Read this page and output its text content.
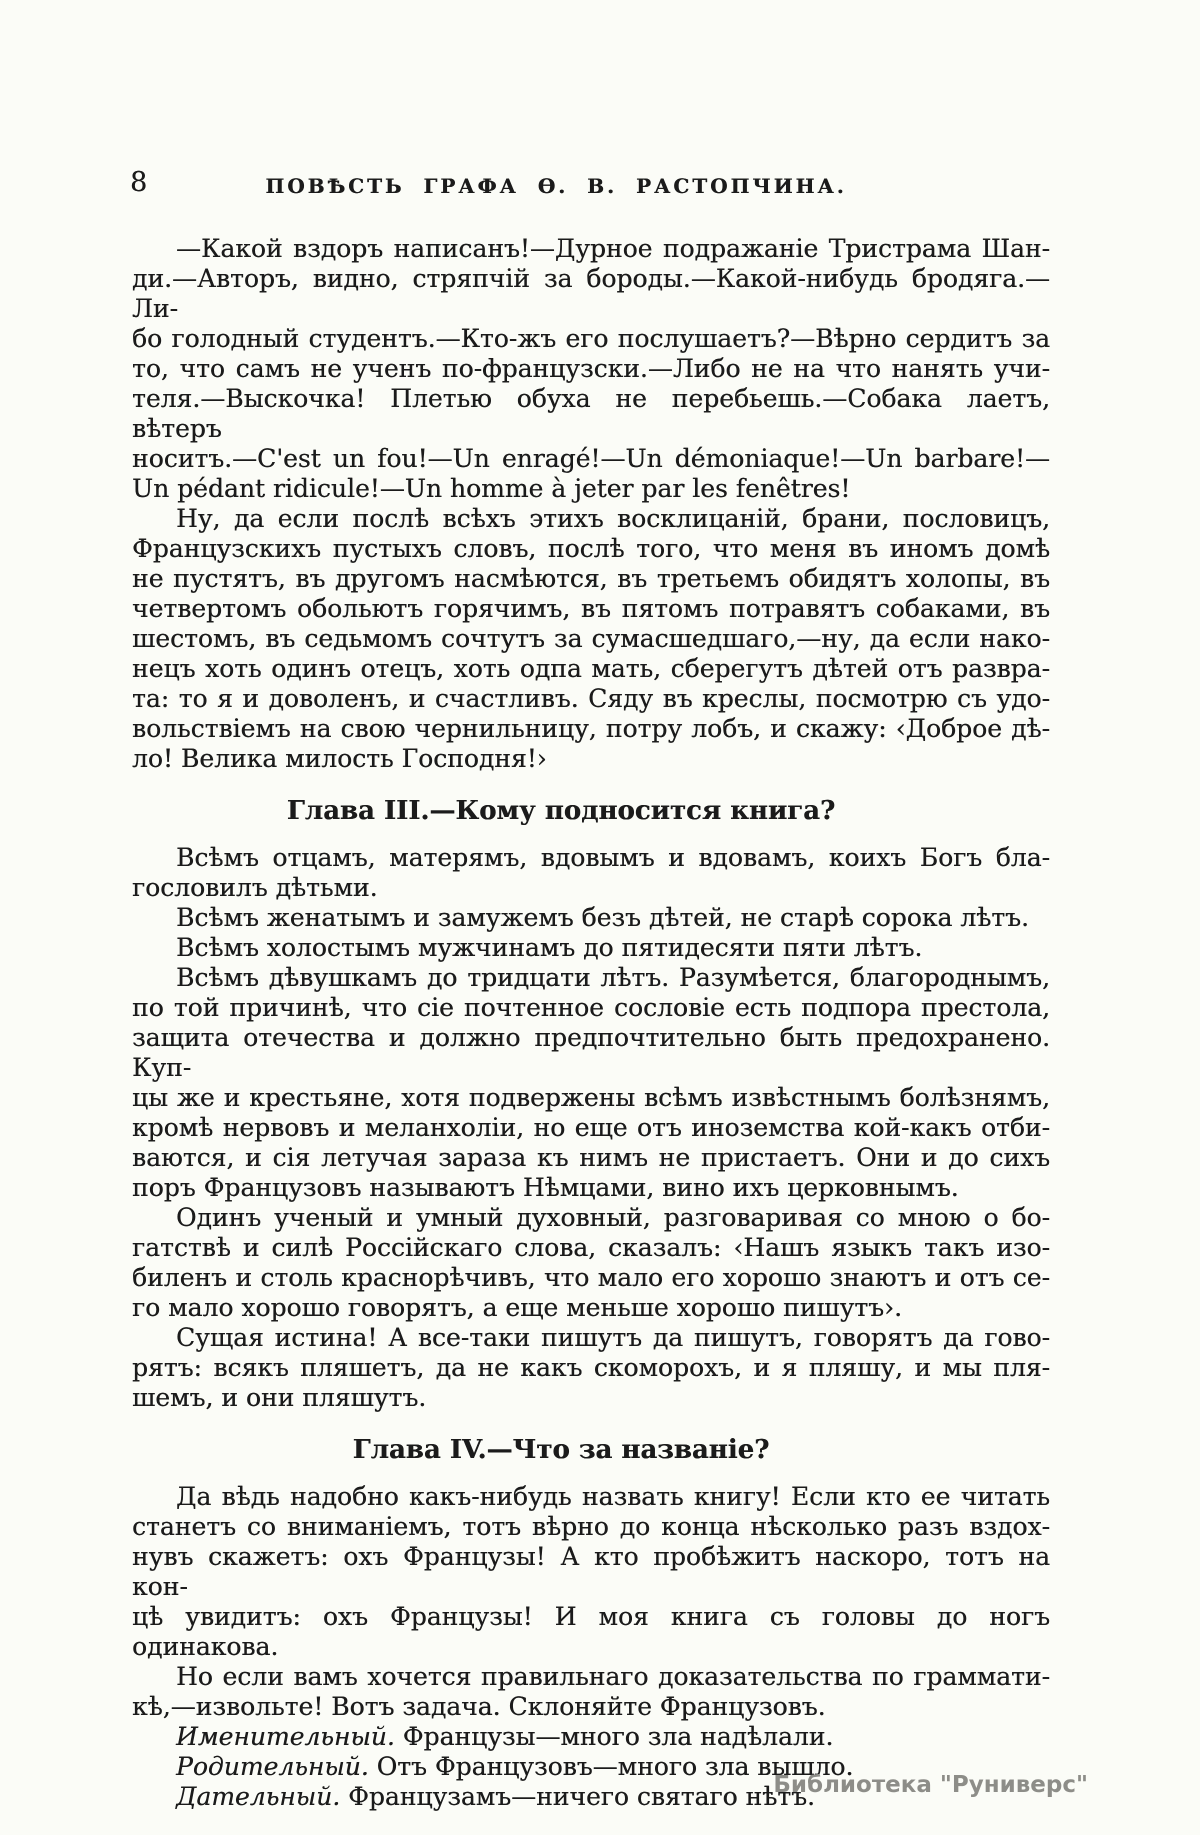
8	ПОВѢСТЬ ГРАФА Ѳ. В. РАСТОПЧИНА.
—Какой вздоръ написанъ!—Дурное подражаніе Тристрама Шан-
ди.—Авторъ, видно, стряпчій за бороды.—Какой-нибудь бродяга.—Ли-
бо голодный студентъ.—Кто-жъ его послушаетъ?—Вѣрно сердитъ за
то, что самъ не ученъ по-французски.—Либо не на что нанять учи-
теля.—Выскочка! Плетью обуха не перебьешь.—Собака лаетъ, вѣтеръ
носитъ.—C'est un fou!—Un enragé!—Un démoniaque!—Un barbare!—
Un pédant ridicule!—Un homme à jeter par les fenêtres!
Ну, да если послѣ всѣхъ этихъ восклицаній, брани, пословицъ,
Французскихъ пустыхъ словъ, послѣ того, что меня въ иномъ домѣ
не пустятъ, въ другомъ насмѣются, въ третьемъ обидятъ холопы, въ
четвертомъ обольютъ горячимъ, въ пятомъ потравятъ собаками, въ
шестомъ, въ седьмомъ сочтутъ за сумасшедшаго,—ну, да если нако-
нецъ хоть одинъ отецъ, хоть одпа мать, сберегутъ дѣтей отъ развра-
та: то я и доволенъ, и счастливъ. Сяду въ креслы, посмотрю съ удо-
вольствіемъ на свою чернильницу, потру лобъ, и скажу: ‹Доброе дѣ-
ло! Велика милость Господня!›
Глава III.—Кому подносится книга?
Всѣмъ отцамъ, матерямъ, вдовымъ и вдовамъ, коихъ Богъ бла-
гословилъ дѣтьми.
Всѣмъ женатымъ и замужемъ безъ дѣтей, не старѣ сорока лѣтъ.
Всѣмъ холостымъ мужчинамъ до пятидесяти пяти лѣтъ.
Всѣмъ дѣвушкамъ до тридцати лѣтъ. Разумѣется, благороднымъ,
по той причинѣ, что сіе почтенное сословіе есть подпора престола,
защита отечества и должно предпочтительно быть предохранено. Куп-
цы же и крестьяне, хотя подвержены всѣмъ извѣстнымъ болѣзнямъ,
кромѣ нервовъ и меланхоліи, но еще отъ иноземства кой-какъ отби-
ваются, и сія летучая зараза къ нимъ не пристаетъ. Они и до сихъ
поръ Французовъ называютъ Нѣмцами, вино ихъ церковнымъ.
Одинъ ученый и умный духовный, разговаривая со мною о бо-
гатствѣ и силѣ Россійскаго слова, сказалъ: ‹Нашъ языкъ такъ изо-
биленъ и столь краснорѣчивъ, что мало его хорошо знаютъ и отъ се-
го мало хорошо говорятъ, а еще меньше хорошо пишутъ›.
Сущая истина! А все-таки пишутъ да пишутъ, говорятъ да гово-
рятъ: всякъ пляшетъ, да не какъ скоморохъ, и я пляшу, и мы пля-
шемъ, и они пляшутъ.
Глава IV.—Что за названіе?
Да вѣдь надобно какъ-нибудь назвать книгу! Если кто ее читать
станетъ со вниманіемъ, тотъ вѣрно до конца нѣсколько разъ вздох-
нувъ скажетъ: охъ Французы! А кто пробѣжитъ наскоро, тотъ на кон-
цѣ увидитъ: охъ Французы! И моя книга съ головы до ногъ одинакова.
Но если вамъ хочется правильнаго доказательства по граммати-
кѣ,—извольте! Вотъ задача. Склоняйте Французовъ.
Именительный. Французы—много зла надѣлали.
Родительный. Отъ Французовъ—много зла вышло.
Дательный. Французамъ—ничего святаго нѣтъ.
Библиотека "Руниверс"
